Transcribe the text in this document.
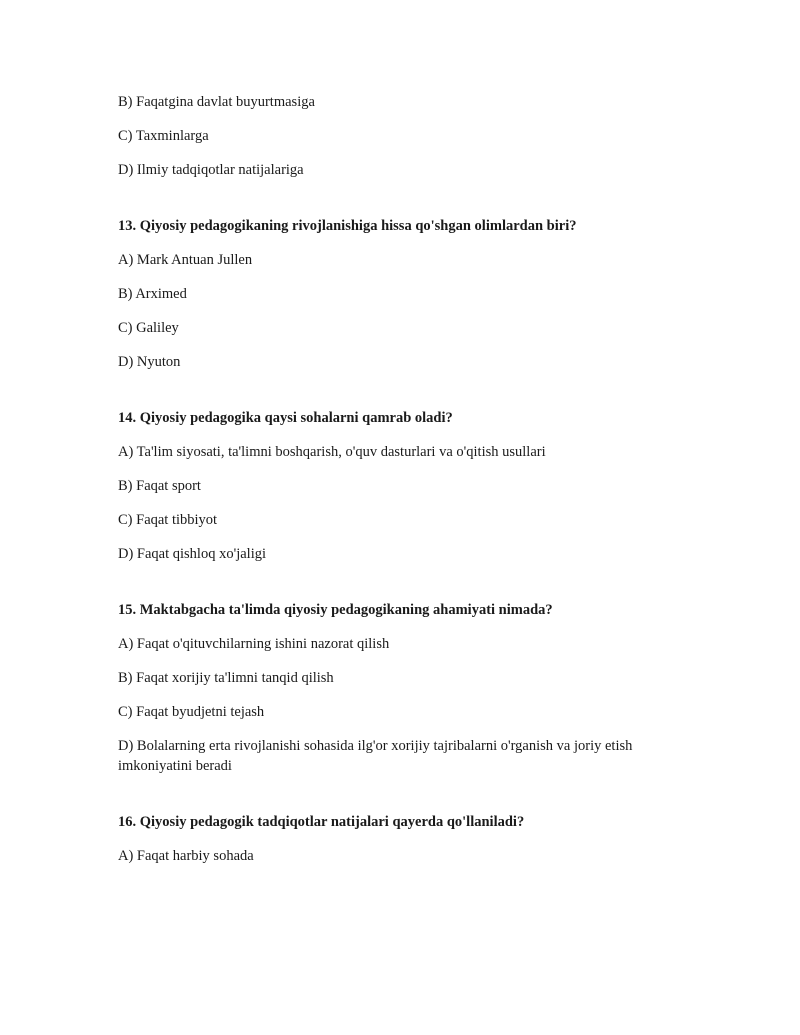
B) Faqatgina davlat buyurtmasiga

C) Taxminlarga

D) Ilmiy tadqiqotlar natijalariga

13. Qiyosiy pedagogikaning rivojlanishiga hissa qo'shgan olimlardan biri?

A) Mark Antuan Jullen

B) Arximed

C) Galiley

D) Nyuton

14. Qiyosiy pedagogika qaysi sohalarni qamrab oladi?

A) Ta'lim siyosati, ta'limni boshqarish, o'quv dasturlari va o'qitish usullari

B) Faqat sport

C) Faqat tibbiyot

D) Faqat qishloq xo'jaligi

15. Maktabgacha ta'limda qiyosiy pedagogikaning ahamiyati nimada?

A) Faqat o'qituvchilarning ishini nazorat qilish

B) Faqat xorijiy ta'limni tanqid qilish

C) Faqat byudjetni tejash

D) Bolalarning erta rivojlanishi sohasida ilg'or xorijiy tajribalarni o'rganish va joriy etish imkoniyatini beradi

16. Qiyosiy pedagogik tadqiqotlar natijalari qayerda qo'llaniladi?

A) Faqat harbiy sohada
